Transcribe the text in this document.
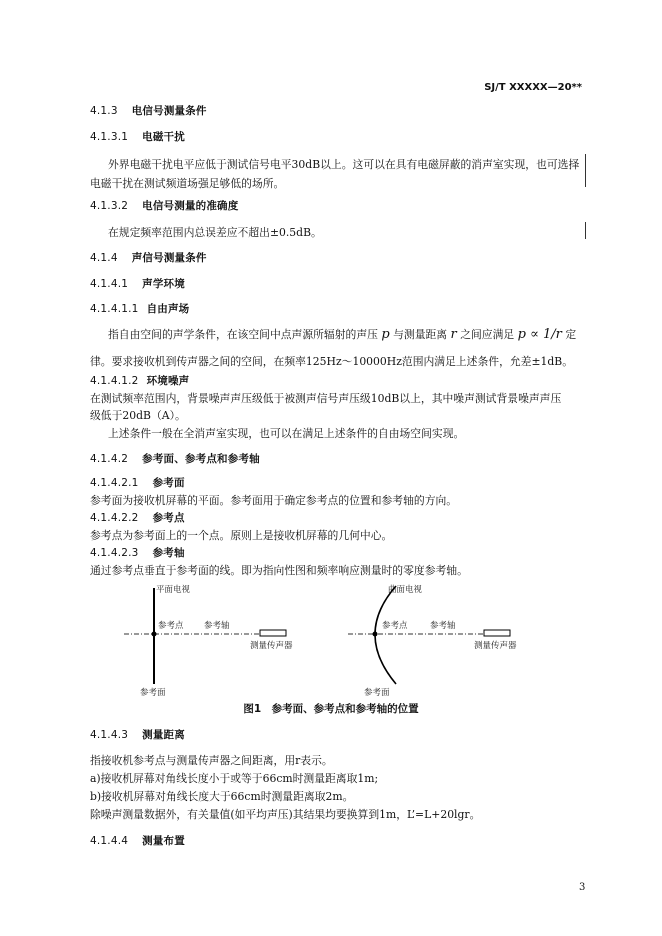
SJ/T XXXXX—20**
4.1.3 电信号测量条件
4.1.3.1 电磁干扰
外界电磁干扰电平应低于测试信号电平30dB以上。这可以在具有电磁屏蔽的消声室实现，也可选择
电磁干扰在测试频道场强足够低的场所。
4.1.3.2 电信号测量的准确度
在规定频率范围内总误差应不超出±0.5dB。
4.1.4 声信号测量条件
4.1.4.1 声学环境
4.1.4.1.1 自由声场
指自由空间的声学条件，在该空间中点声源所辐射的声压 p 与测量距离 r 之间应满足 p ∝ 1/r 定
律。要求接收机到传声器之间的空间，在频率125Hz～10000Hz范围内满足上述条件，允差±1dB。
4.1.4.1.2 环境噪声
在测试频率范围内，背景噪声声压级低于被测声信号声压级10dB以上，其中噪声测试背景噪声声压
级低于20dB（A）。
上述条件一般在全消声室实现，也可以在满足上述条件的自由场空间实现。
4.1.4.2 参考面、参考点和参考轴
4.1.4.2.1 参考面
参考面为接收机屏幕的平面。参考面用于确定参考点的位置和参考轴的方向。
4.1.4.2.2 参考点
参考点为参考面上的一个点。原则上是接收机屏幕的几何中心。
4.1.4.2.3 参考轴
通过参考点垂直于参考面的线。即为指向性图和频率响应测量时的零度参考轴。
平面电视
参考点 参考轴
测量传声器
参考面
曲面电视
参考点	参考轴
测量传声器
参考面
图1　参考面、参考点和参考轴的位置
4.1.4.3 测量距离
指接收机参考点与测量传声器之间距离，用r表示。
a)接收机屏幕对角线长度小于或等于66cm时测量距离取1m;
b)接收机屏幕对角线长度大于66cm时测量距离取2m。
除噪声测量数据外，有关量值(如平均声压)其结果均要换算到1m，L’=L+20lgr。
4.1.4.4 测量布置
3
